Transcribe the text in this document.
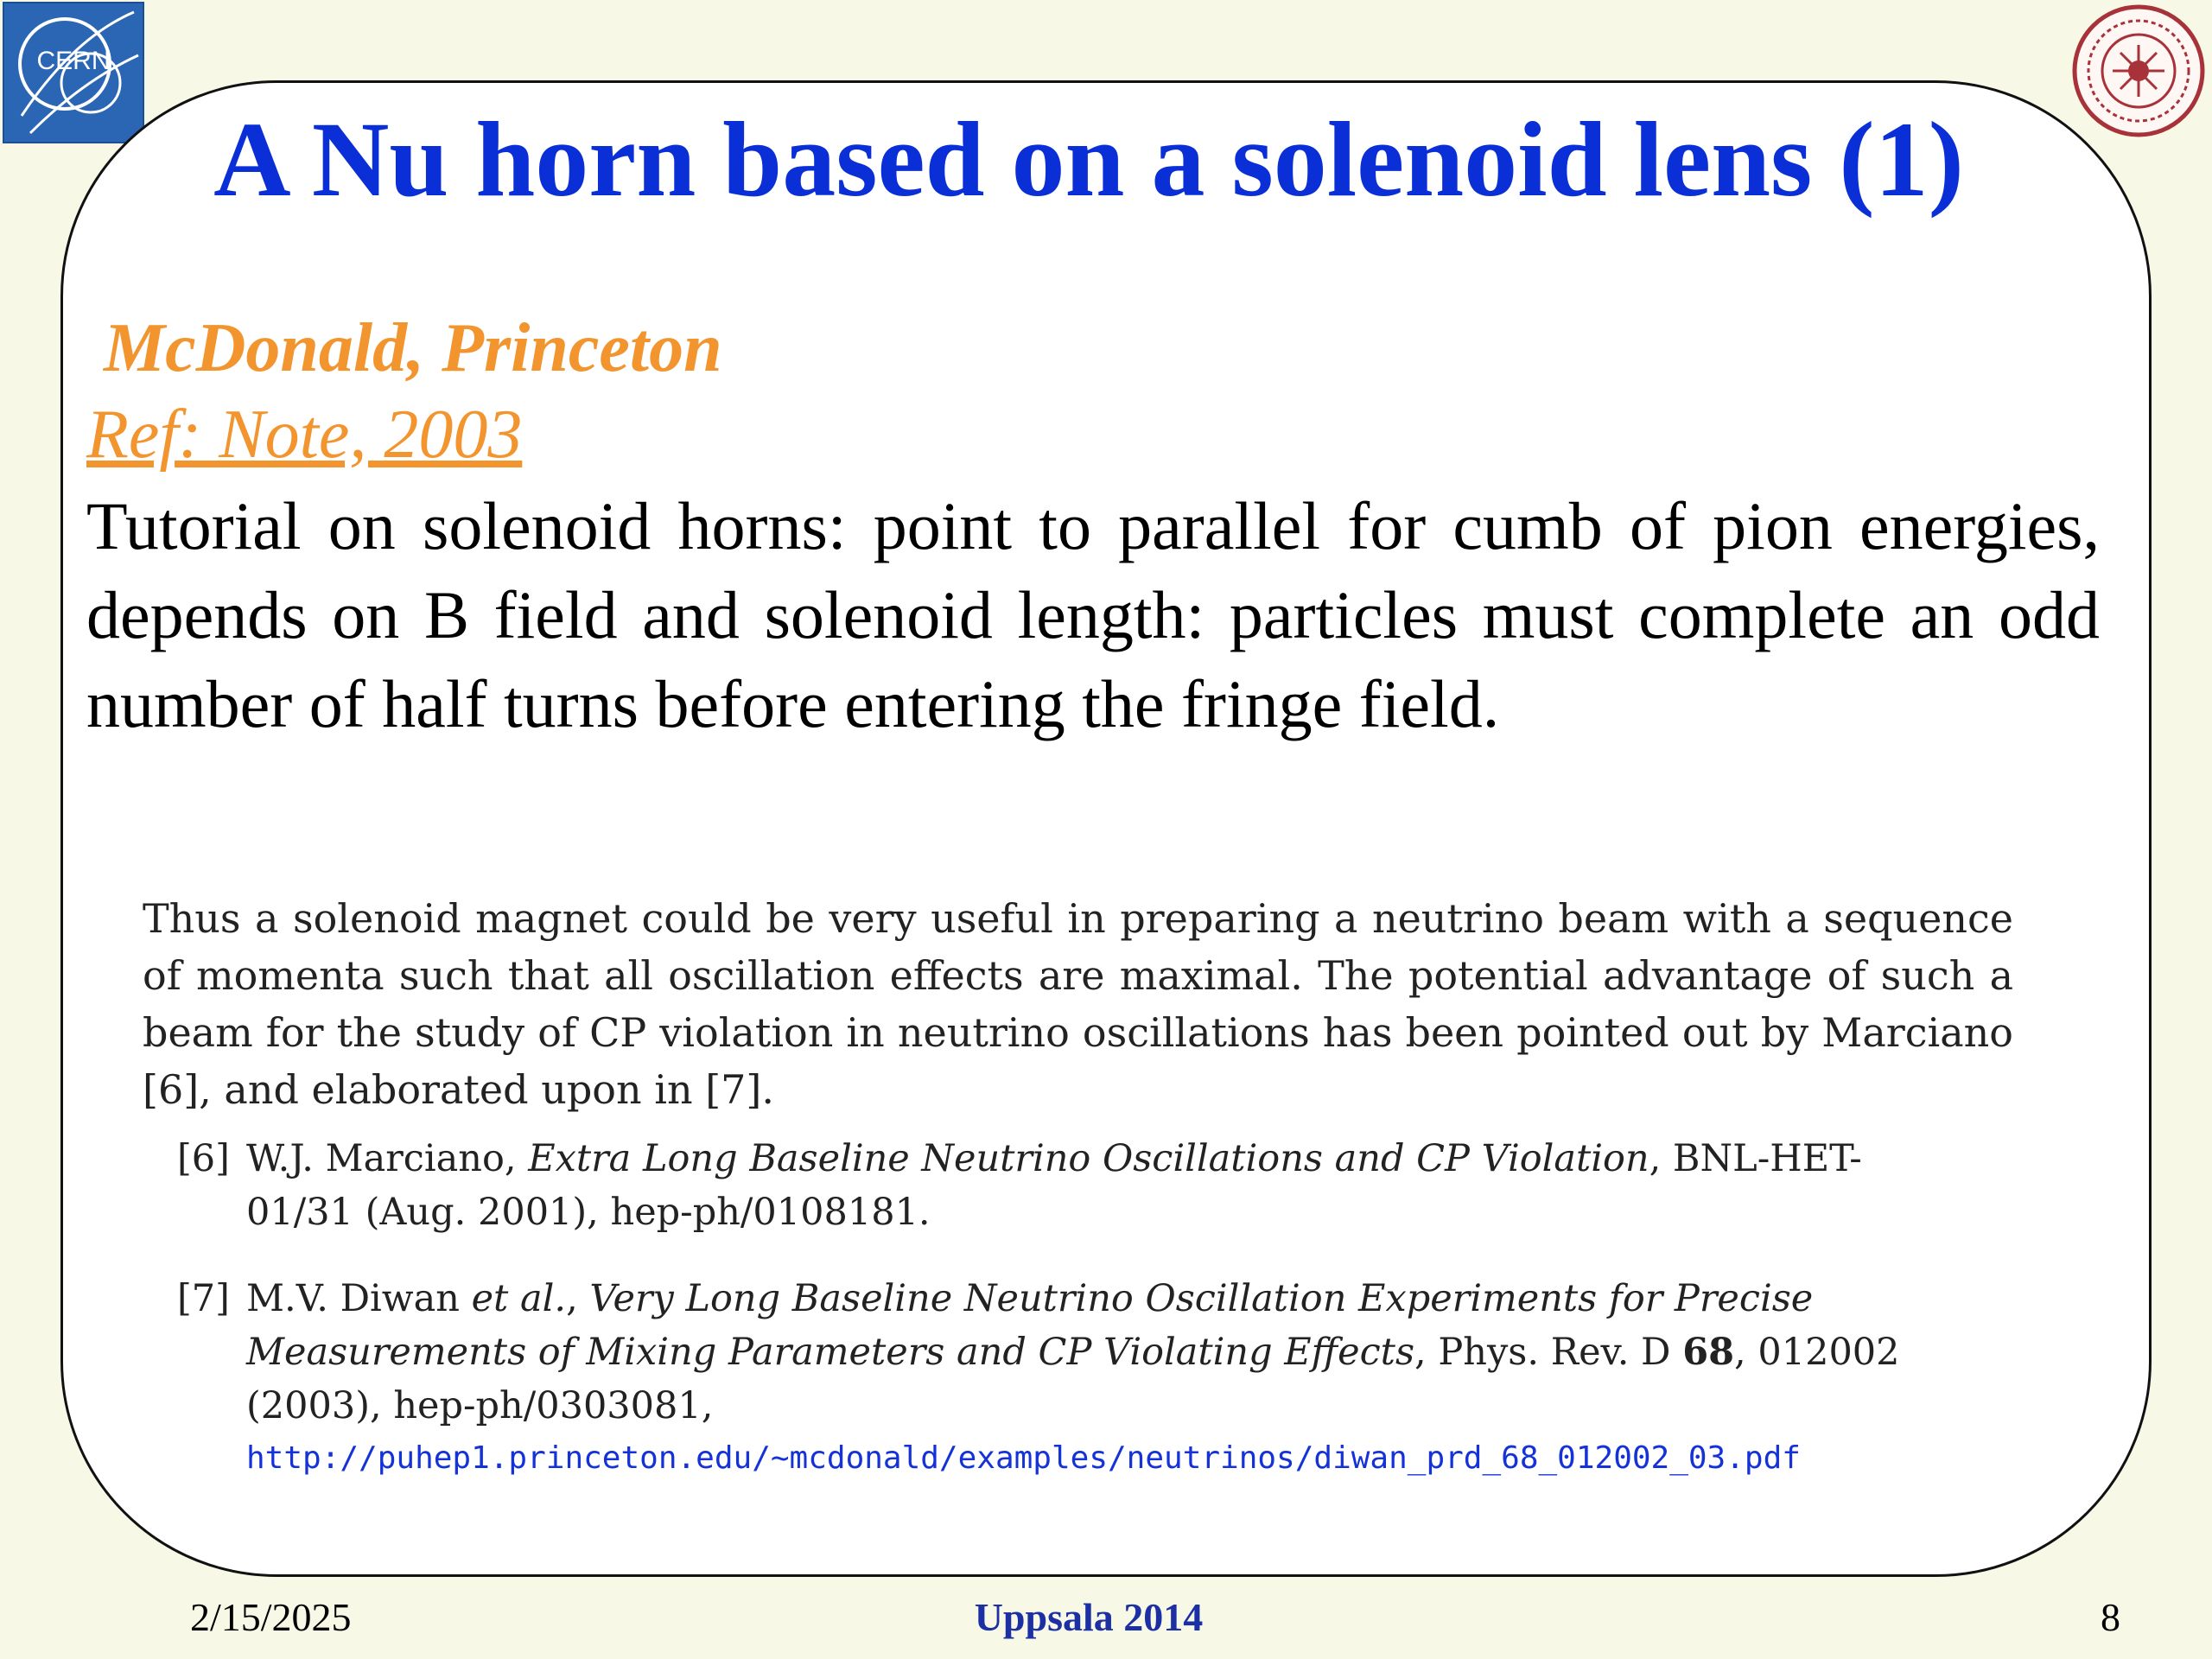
CERN
A Nu horn based on a solenoid lens (1)
McDonald, Princeton
Ref: Note, 2003

Tutorial on solenoid horns: point to parallel for cumb of pion energies, depends on B field and solenoid length: particles must complete an odd number of half turns before entering the fringe field.

Thus a solenoid magnet could be very useful in preparing a neutrino beam with a sequence of momenta such that all oscillation effects are maximal. The potential advantage of such a beam for the study of CP violation in neutrino oscillations has been pointed out by Marciano [6], and elaborated upon in [7].

[6] W.J. Marciano, Extra Long Baseline Neutrino Oscillations and CP Violation, BNL-HET-01/31 (Aug. 2001), hep-ph/0108181.
[7] M.V. Diwan et al., Very Long Baseline Neutrino Oscillation Experiments for Precise Measurements of Mixing Parameters and CP Violating Effects, Phys. Rev. D 68, 012002 (2003), hep-ph/0303081,
http://puhep1.princeton.edu/~mcdonald/examples/neutrinos/diwan_prd_68_012002_03.pdf
2/15/2025	Uppsala 2014	8
